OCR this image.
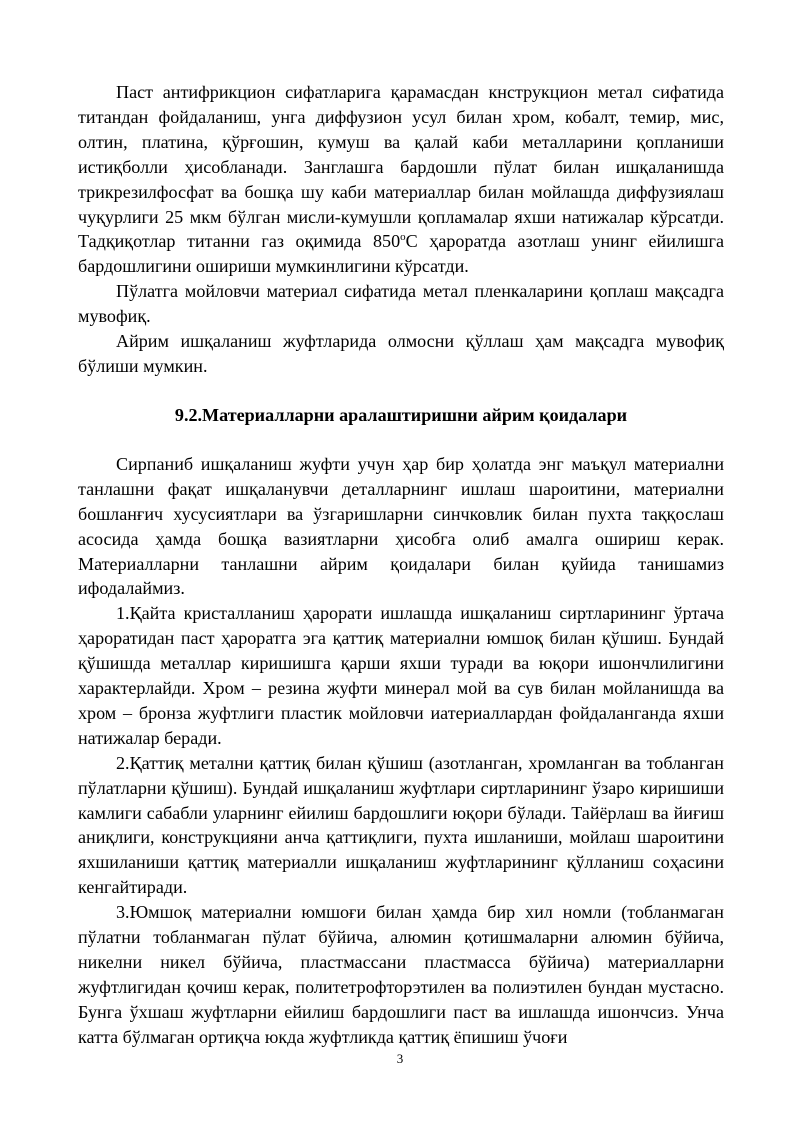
Паст антифрикцион сифатларига қарамасдан кнструкцион метал сифатида титандан фойдаланиш, унга диффузион усул билан хром, кобалт, темир, мис, олтин, платина, қўрғошин, кумуш ва қалай каби металларини қопланиши истиқболли ҳисобланади. Занглашга бардошли пўлат билан ишқаланишда трикрезилфосфат ва бошқа шу каби материаллар билан мойлашда диффузиялаш чуқурлиги 25 мкм бўлган мисли-кумушли қопламалар яхши натижалар кўрсатди. Тадқиқотлар титанни газ оқимида $850^оС$ ҳароратда азотлаш унинг ейилишга бардошлигини ошириши мумкинлигини кўрсатди.

Пўлатга мойловчи материал сифатида метал пленкаларини қоплаш мақсадга мувофиқ.

Айрим ишқаланиш жуфтларида олмосни қўллаш ҳам мақсадга мувофиқ бўлиши мумкин.

9.2.Материалларни аралаштиришни айрим қоидалари

Сирпаниб ишқаланиш жуфти учун ҳар бир ҳолатда энг маъқул материални танлашни фақат ишқаланувчи деталларнинг ишлаш шароитини, материални бошланғич хусусиятлари ва ўзгаришларни синчковлик билан пухта таққослаш асосида ҳамда бошқа вазиятларни ҳисобга олиб амалга ошириш керак. Материалларни танлашни айрим қоидалари билан қуйида танишамиз ифодалаймиз.

1.Қайта кристалланиш ҳарорати ишлашда ишқаланиш сиртларининг ўртача ҳароратидан паст ҳароратга эга қаттиқ материални юмшоқ билан қўшиш. Бундай қўшишда металлар киришишга қарши яхши туради ва юқори ишончлилигини характерлайди. Хром – резина жуфти минерал мой ва сув билан мойланишда ва хром – бронза жуфтлиги пластик мойловчи иатериаллардан фойдаланганда яхши натижалар беради.

2.Қаттиқ метални қаттиқ билан қўшиш (азотланган, хромланган ва тобланган пўлатларни қўшиш). Бундай ишқаланиш жуфтлари сиртларининг ўзаро киришиши камлиги сабабли уларнинг ейилиш бардошлиги юқори бўлади. Тайёрлаш ва йиғиш аниқлиги, конструкцияни анча қаттиқлиги, пухта ишланиши, мойлаш шароитини яхшиланиши қаттиқ материалли ишқаланиш жуфтларининг қўлланиш соҳасини кенгайтиради.

3.Юмшоқ материални юмшоғи билан ҳамда бир хил номли (тобланмаган пўлатни тобланмаган пўлат бўйича, алюмин қотишмаларни алюмин бўйича, никелни никел бўйича, пластмассани пластмасса бўйича) материалларни жуфтлигидан қочиш керак, политетрофторэтилен ва полиэтилен бундан мустасно. Бунга ўхшаш жуфтларни ейилиш бардошлиги паст ва ишлашда ишончсиз. Унча катта бўлмаган ортиқча юкда жуфтликда қаттиқ ёпишиш ўчоғи

3
